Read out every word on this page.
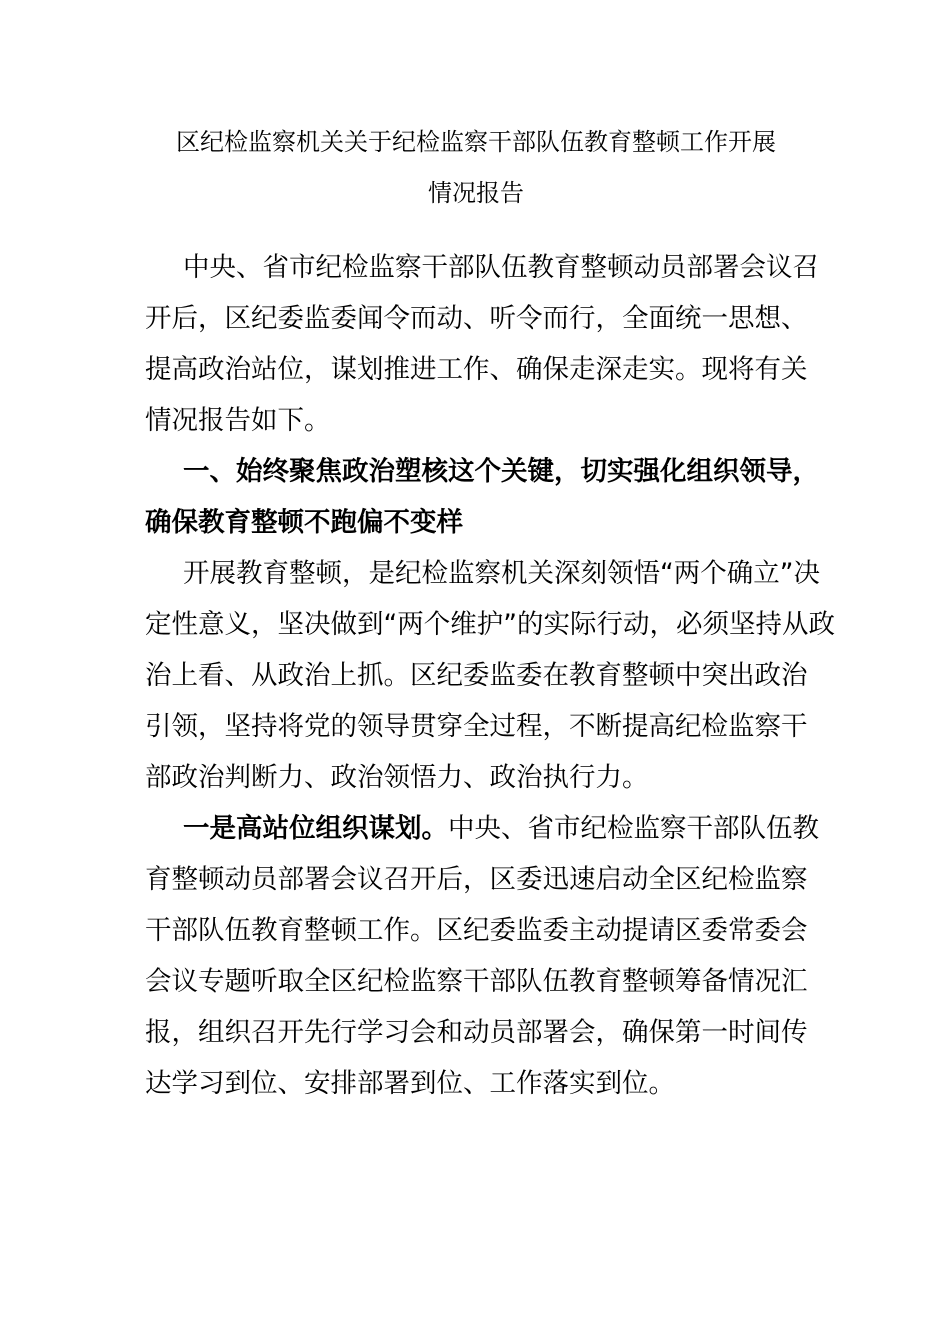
区纪检监察机关关于纪检监察干部队伍教育整顿工作开展
情况报告
中央、省市纪检监察干部队伍教育整顿动员部署会议召
开后，区纪委监委闻令而动、听令而行，全面统一思想、
提高政治站位，谋划推进工作、确保走深走实。现将有关
情况报告如下。
一、始终聚焦政治塑核这个关键，切实强化组织领导，
确保教育整顿不跑偏不变样
开展教育整顿，是纪检监察机关深刻领悟“两个确立”决
定性意义，坚决做到“两个维护”的实际行动，必须坚持从政
治上看、从政治上抓。区纪委监委在教育整顿中突出政治
引领，坚持将党的领导贯穿全过程，不断提高纪检监察干
部政治判断力、政治领悟力、政治执行力。
一是高站位组织谋划。中央、省市纪检监察干部队伍教
育整顿动员部署会议召开后，区委迅速启动全区纪检监察
干部队伍教育整顿工作。区纪委监委主动提请区委常委会
会议专题听取全区纪检监察干部队伍教育整顿筹备情况汇
报，组织召开先行学习会和动员部署会，确保第一时间传
达学习到位、安排部署到位、工作落实到位。
